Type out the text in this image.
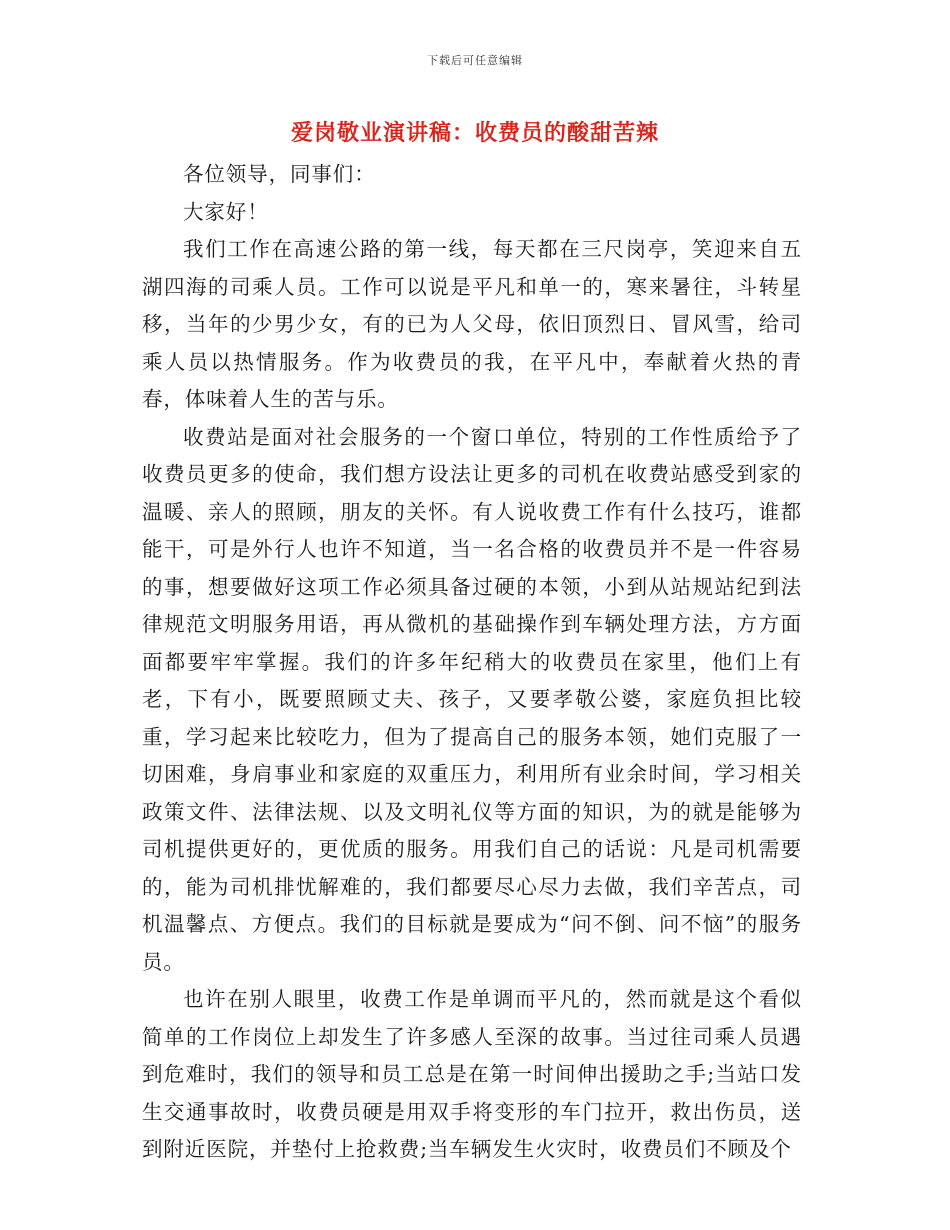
下载后可任意编辑
爱岗敬业演讲稿：收费员的酸甜苦辣

各位领导，同事们：

大家好！

我们工作在高速公路的第一线，每天都在三尺岗亭，笑迎来自五湖四海的司乘人员。工作可以说是平凡和单一的，寒来暑往，斗转星移，当年的少男少女，有的已为人父母，依旧顶烈日、冒风雪，给司乘人员以热情服务。作为收费员的我，在平凡中，奉献着火热的青春，体味着人生的苦与乐。

收费站是面对社会服务的一个窗口单位，特别的工作性质给予了收费员更多的使命，我们想方设法让更多的司机在收费站感受到家的温暖、亲人的照顾，朋友的关怀。有人说收费工作有什么技巧，谁都能干，可是外行人也许不知道，当一名合格的收费员并不是一件容易的事，想要做好这项工作必须具备过硬的本领，小到从站规站纪到法律规范文明服务用语，再从微机的基础操作到车辆处理方法，方方面面都要牢牢掌握。我们的许多年纪稍大的收费员在家里，他们上有老，下有小，既要照顾丈夫、孩子，又要孝敬公婆，家庭负担比较重，学习起来比较吃力，但为了提高自己的服务本领，她们克服了一切困难，身肩事业和家庭的双重压力，利用所有业余时间，学习相关政策文件、法律法规、以及文明礼仪等方面的知识，为的就是能够为司机提供更好的，更优质的服务。用我们自己的话说：凡是司机需要的，能为司机排忧解难的，我们都要尽心尽力去做，我们辛苦点，司机温馨点、方便点。我们的目标就是要成为“问不倒、问不恼”的服务员。

也许在别人眼里，收费工作是单调而平凡的，然而就是这个看似简单的工作岗位上却发生了许多感人至深的故事。当过往司乘人员遇到危难时，我们的领导和员工总是在第一时间伸出援助之手;当站口发生交通事故时，收费员硬是用双手将变形的车门拉开，救出伤员，送到附近医院，并垫付上抢救费;当车辆发生火灾时，收费员们不顾及个
